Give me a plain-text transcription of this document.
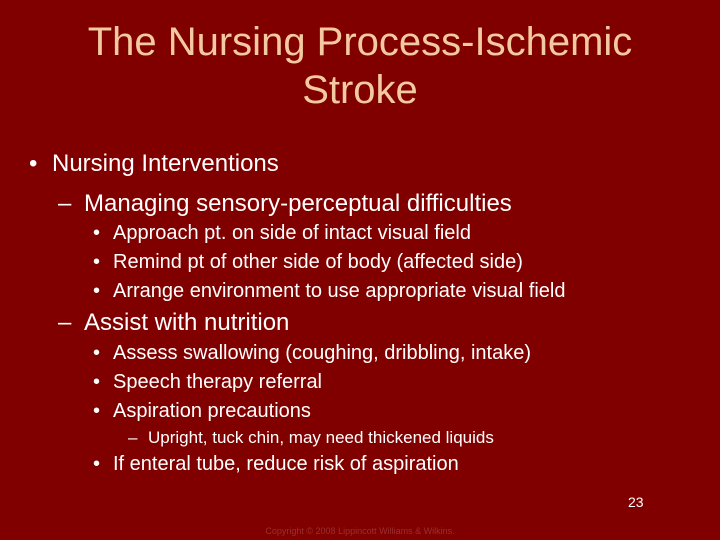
The Nursing Process-Ischemic
Stroke
• Nursing Interventions
– Managing sensory-perceptual difficulties
• Approach pt. on side of intact visual field
• Remind pt of other side of body (affected side)
• Arrange environment to use appropriate visual field
– Assist with nutrition
• Assess swallowing (coughing, dribbling, intake)
• Speech therapy referral
• Aspiration precautions
– Upright, tuck chin, may need thickened liquids
• If enteral tube, reduce risk of aspiration
23
Copyright © 2008 Lippincott Williams & Wilkins.
